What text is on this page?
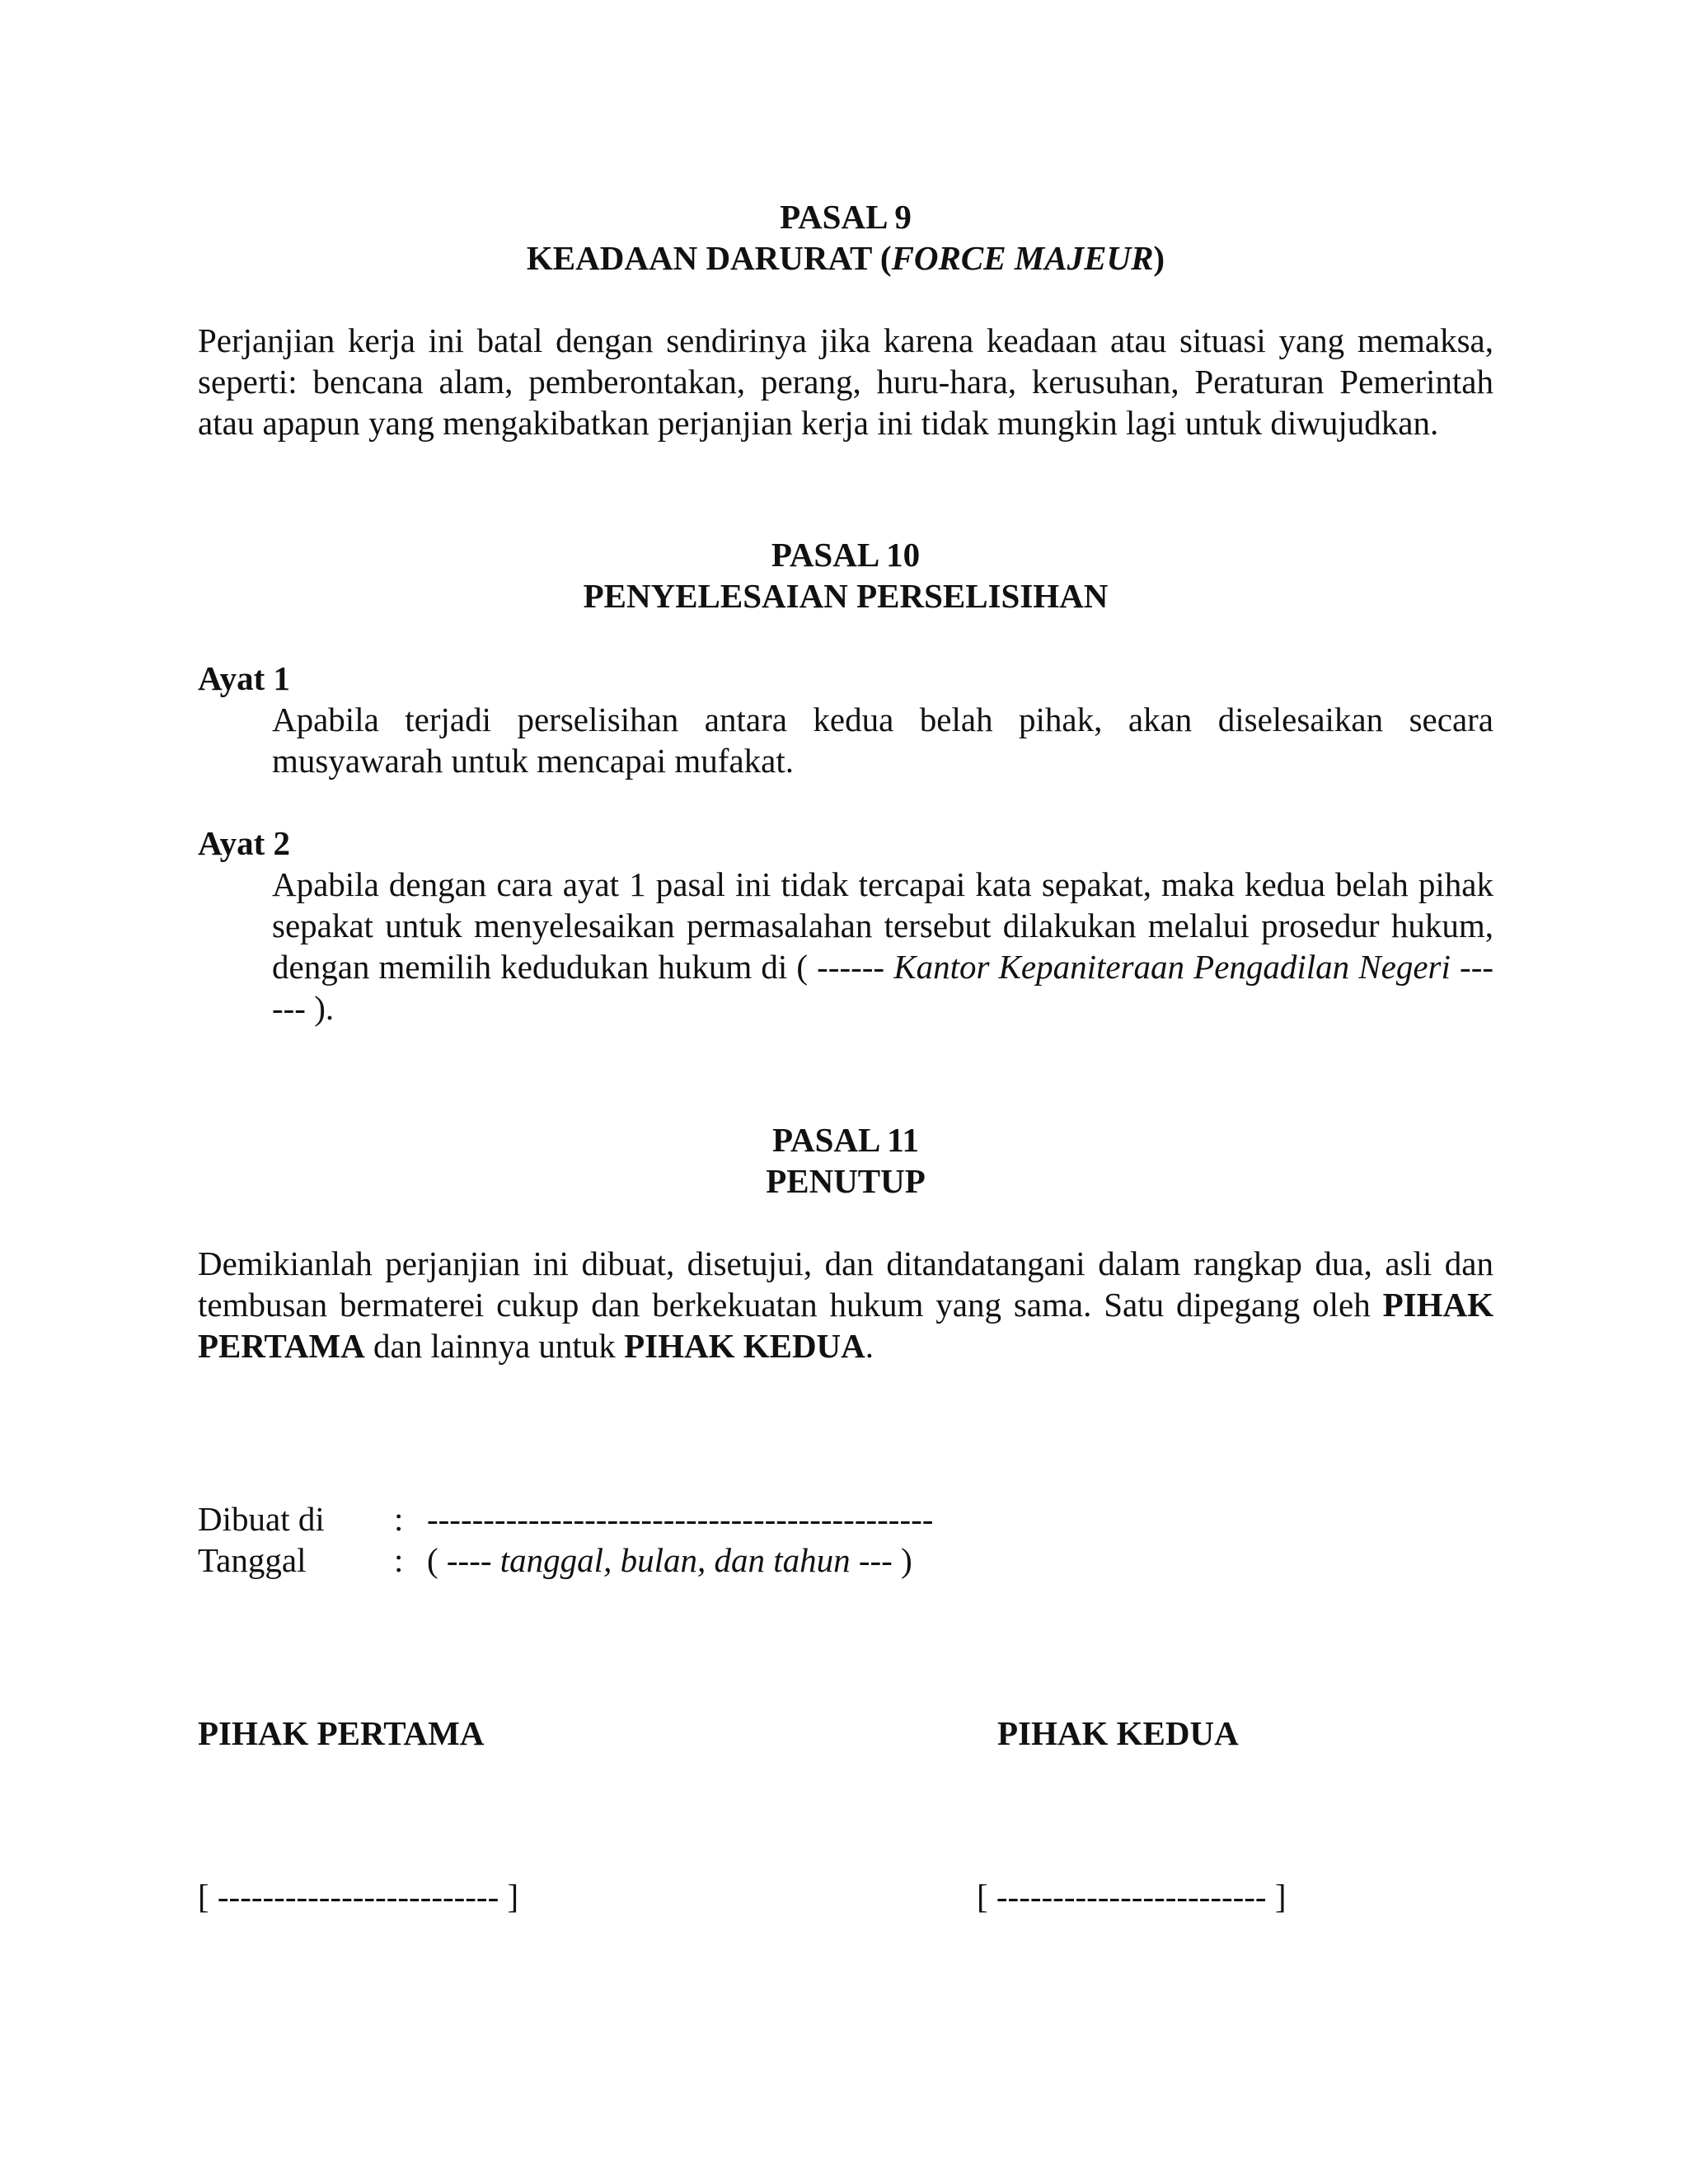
PASAL 9

KEADAAN DARURAT (FORCE MAJEUR)

Perjanjian kerja ini batal dengan sendirinya jika karena keadaan atau situasi yang memaksa, seperti: bencana alam, pemberontakan, perang, huru-hara, kerusuhan, Peraturan Pemerintah atau apapun yang mengakibatkan perjanjian kerja ini tidak mungkin lagi untuk diwujudkan.

PASAL 10

PENYELESAIAN PERSELISIHAN

Ayat 1

Apabila terjadi perselisihan antara kedua belah pihak, akan diselesaikan secara musyawarah untuk mencapai mufakat.

Ayat 2

Apabila dengan cara ayat 1 pasal ini tidak tercapai kata sepakat, maka kedua belah pihak sepakat untuk menyelesaikan permasalahan tersebut dilakukan melalui prosedur hukum, dengan memilih kedudukan hukum di ( ------ Kantor Kepaniteraan Pengadilan Negeri ------ ).

PASAL 11

PENUTUP

Demikianlah perjanjian ini dibuat, disetujui, dan ditandatangani dalam rangkap dua, asli dan tembusan bermaterei cukup dan berkekuatan hukum yang sama. Satu dipegang oleh PIHAK PERTAMA dan lainnya untuk PIHAK KEDUA.

Dibuat di	: ---------------------------------------------
Tanggal	: ( ---- tanggal, bulan, dan tahun --- )
PIHAK PERTAMA	PIHAK KEDUA
[ ------------------------- ]	[ ------------------------ ]
